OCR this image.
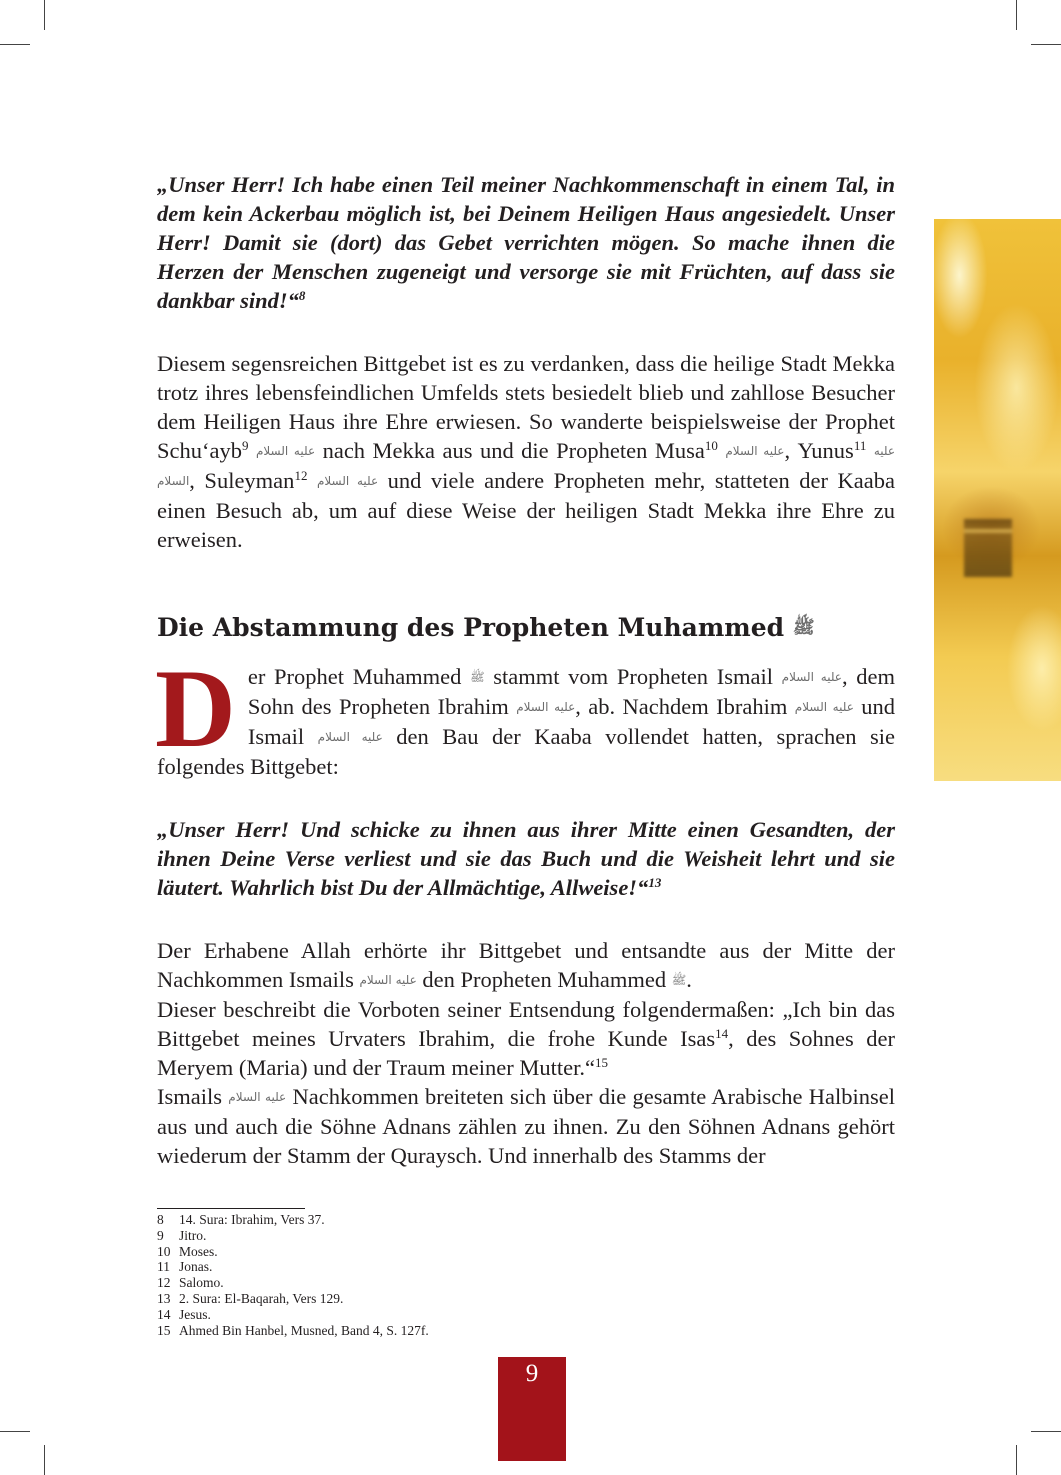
„Unser Herr! Ich habe einen Teil meiner Nachkommenschaft in einem Tal, in dem kein Ackerbau möglich ist, bei Deinem Heiligen Haus angesiedelt. Unser Herr! Damit sie (dort) das Gebet verrichten mögen. So mache ihnen die Herzen der Menschen zugeneigt und versorge sie mit Früchten, auf dass sie dankbar sind!“$^8$

Diesem segensreichen Bittgebet ist es zu verdanken, dass die heilige Stadt Mekka trotz ihres lebensfeindlichen Umfelds stets besiedelt blieb und zahllose Besucher dem Heiligen Haus ihre Ehre erwiesen. So wanderte beispielsweise der Prophet Schu‘ayb$^9$ عليه السلام nach Mekka aus und die Propheten Musa$^{10}$ عليه السلام, Yunus$^{11}$ عليه السلام, Suleyman$^{12}$ عليه السلام und viele andere Propheten mehr, statteten der Kaaba einen Besuch ab, um auf diese Weise der heiligen Stadt Mekka ihre Ehre zu erweisen.

Die Abstammung des Propheten Muhammed ﷺ

Der Prophet Muhammed ﷺ stammt vom Propheten Ismail عليه السلام, dem Sohn des Propheten Ibrahim عليه السلام, ab. Nachdem Ibrahim عليه السلام und Ismail عليه السلام den Bau der Kaaba vollendet hatten, sprachen sie folgendes Bittgebet:

„Unser Herr! Und schicke zu ihnen aus ihrer Mitte einen Gesandten, der ihnen Deine Verse verliest und sie das Buch und die Weisheit lehrt und sie läutert. Wahrlich bist Du der Allmächtige, Allweise!“$^{13}$

Der Erhabene Allah erhörte ihr Bittgebet und entsandte aus der Mitte der Nachkommen Ismails عليه السلام den Propheten Muhammed ﷺ.

Dieser beschreibt die Vorboten seiner Entsendung folgendermaßen: „Ich bin das Bittgebet meines Urvaters Ibrahim, die frohe Kunde Isas$^{14}$, des Sohnes der Meryem (Maria) und der Traum meiner Mutter.“$^{15}$

Ismails عليه السلام Nachkommen breiteten sich über die gesamte Arabische Halbinsel aus und auch die Söhne Adnans zählen zu ihnen. Zu den Söhnen Adnans gehört wiederum der Stamm der Quraysch. Und innerhalb des Stamms der

8	14. Sura: Ibrahim, Vers 37.
9	Jitro.
10 Moses.
11 Jonas.
12 Salomo.
13 2. Sura: El-Baqarah, Vers 129.
14 Jesus.
15 Ahmed Bin Hanbel, Musned, Band 4, S. 127f.
9
